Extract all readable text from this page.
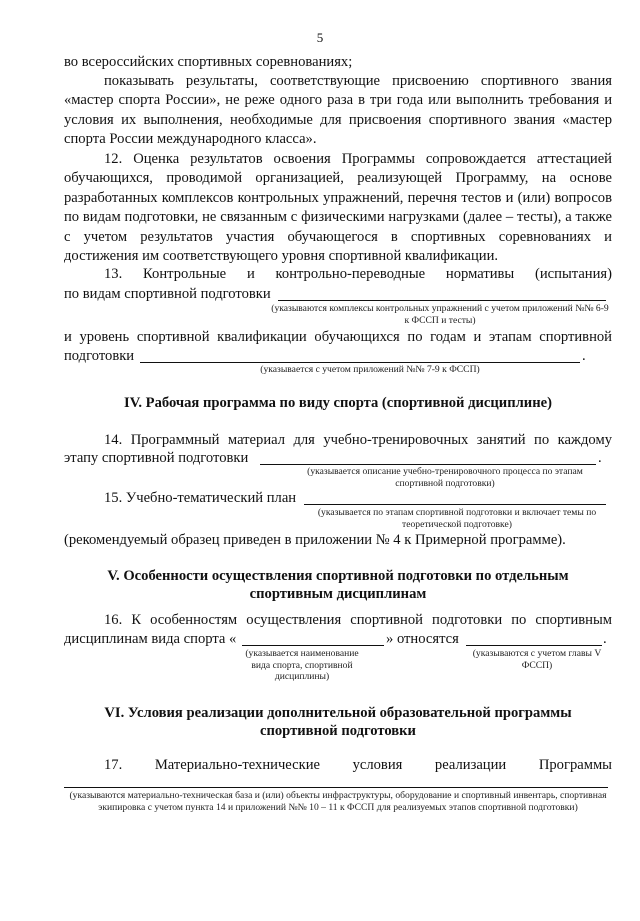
5
во всероссийских спортивных соревнованиях;
показывать результаты, соответствующие присвоению спортивного звания «мастер спорта России», не реже одного раза в три года или выполнить требования и условия их выполнения, необходимые для присвоения спортивного звания «мастер спорта России международного класса».
12. Оценка результатов освоения Программы сопровождается аттестацией обучающихся, проводимой организацией, реализующей Программу, на основе разработанных комплексов контрольных упражнений, перечня тестов и (или) вопросов по видам подготовки, не связанным с физическими нагрузками (далее – тесты), а также с учетом результатов участия обучающегося в спортивных соревнованиях и достижения им соответствующего уровня спортивной квалификации.
13. Контрольные и контрольно-переводные нормативы (испытания)
по видам спортивной подготовки
(указываются комплексы контрольных упражнений с учетом приложений №№ 6-9 к ФССП и тесты)
и уровень спортивной квалификации обучающихся по годам и этапам спортивной
подготовки	.
(указывается с учетом приложений №№ 7-9 к ФССП)
IV. Рабочая программа по виду спорта (спортивной дисциплине)
14. Программный материал для учебно-тренировочных занятий по каждому
этапу спортивной подготовки	.
(указывается описание учебно-тренировочного процесса по этапам спортивной подготовки)
15. Учебно-тематический план
(указывается по этапам спортивной подготовки и включает темы по теоретической подготовке)
(рекомендуемый образец приведен в приложении № 4 к Примерной программе).
V. Особенности осуществления спортивной подготовки по отдельным
спортивным дисциплинам
16. К особенностям осуществления спортивной подготовки по спортивным
дисциплинам вида спорта «	» относятся	.
(указывается наименование вида спорта, спортивной дисциплины)
(указываются с учетом главы V ФССП)
VI. Условия реализации дополнительной образовательной программы
спортивной подготовки
17. Материально-технические условия реализации Программы
(указываются материально-техническая база и (или) объекты инфраструктуры, оборудование и спортивный инвентарь, спортивная экипировка с учетом пункта 14 и приложений №№ 10 – 11 к ФССП для реализуемых этапов спортивной подготовки)
